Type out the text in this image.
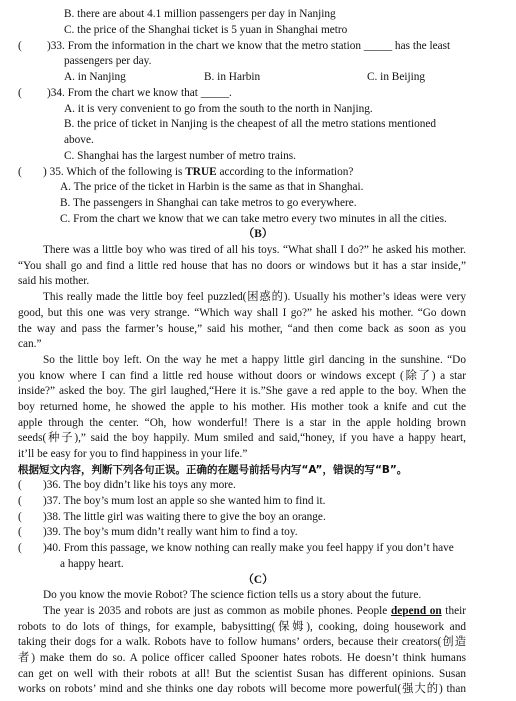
B. there are about 4.1 million passengers per day in Nanjing
C. the price of the Shanghai ticket is 5 yuan in Shanghai metro
( )33. From the information in the chart we know that the metro station _____ has the least
passengers per day.
A. in Nanjing	B. in Harbin	C. in Beijing
( )34. From the chart we know that _____.
A. it is very convenient to go from the south to the north in Nanjing.
B. the price of ticket in Nanjing is the cheapest of all the metro stations mentioned
above.
C. Shanghai has the largest number of metro trains.
( ) 35. Which of the following is TRUE according to the information?
A. The price of the ticket in Harbin is the same as that in Shanghai.
B. The passengers in Shanghai can take metros to go everywhere.
C. From the chart we know that we can take metro every two minutes in all the cities.
（B）
There was a little boy who was tired of all his toys. “What shall I do?” he asked his mother.
“You shall go and find a little red house that has no doors or windows but it has a star inside,”
said his mother.
This really made the little boy feel puzzled(困惑的). Usually his mother’s ideas were very
good, but this one was very strange. “Which way shall I go?” he asked his mother. “Go down
the way and pass the farmer’s house,” said his mother, “and then come back as soon as you
can.”
So the little boy left. On the way he met a happy little girl dancing in the sunshine. “Do
you know where I can find a little red house without doors or windows except (除了) a star
inside?” asked the boy. The girl laughed,“Here it is.”She gave a red apple to the boy. When the
boy returned home, he showed the apple to his mother. His mother took a knife and cut the
apple through the center. “Oh, how wonderful! There is a star in the apple holding brown
seeds(种子),” said the boy happily. Mum smiled and said,“honey, if you have a happy heart,
it’ll be easy for you to find happiness in your life.”
根据短文内容，判断下列各句正误。正确的在题号前括号内写“A”，错误的写“B”。
( )36. The boy didn’t like his toys any more.
( )37. The boy’s mum lost an apple so she wanted him to find it.
( )38. The little girl was waiting there to give the boy an orange.
( )39. The boy’s mum didn’t really want him to find a toy.
( )40. From this passage, we know nothing can really make you feel happy if you don’t have
a happy heart.
（C）
Do you know the movie Robot? The science fiction tells us a story about the future.
The year is 2035 and robots are just as common as mobile phones. People depend on their
robots to do lots of things, for example, babysitting(保姆), cooking, doing housework and
taking their dogs for a walk. Robots have to follow humans’ orders, because their creators(创造
者) make them do so. A police officer called Spooner hates robots. He doesn’t think humans
can get on well with their robots at all! But the scientist Susan has different opinions. Susan
works on robots’ mind and she thinks one day robots will become more powerful(强大的) than
